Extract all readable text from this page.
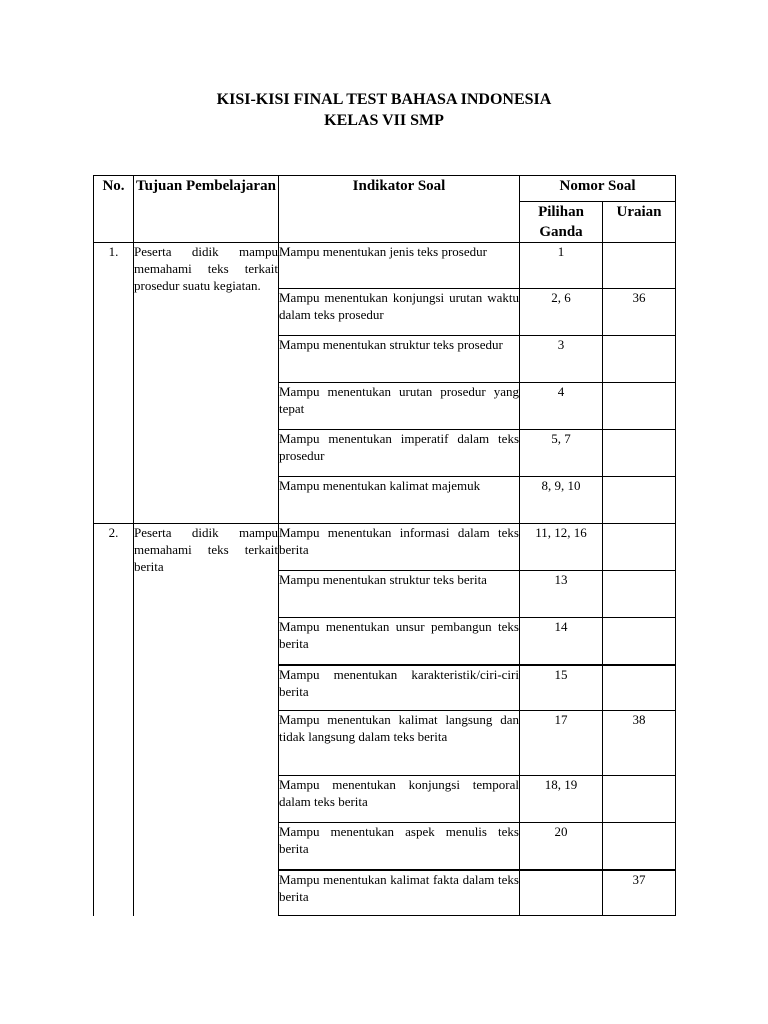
KISI-KISI FINAL TEST BAHASA INDONESIA
KELAS VII SMP
No.	Tujuan Pembelajaran	Indikator Soal	Nomor Soal	
			Pilihan Ganda	Uraian
1.	Peserta didik mampu memahami teks terkait prosedur suatu kegiatan.	Mampu menentukan jenis teks prosedur	1	
		Mampu menentukan konjungsi urutan waktu dalam teks prosedur	2, 6	36
		Mampu menentukan struktur teks prosedur	3	
		Mampu menentukan urutan prosedur yang tepat	4	
		Mampu menentukan imperatif dalam teks prosedur	5, 7	
		Mampu menentukan kalimat majemuk	8, 9, 10	
2.	Peserta didik mampu memahami teks terkait berita	Mampu menentukan informasi dalam teks berita	11, 12, 16	
		Mampu menentukan struktur teks berita	13	
		Mampu menentukan unsur pembangun teks berita	14	
		Mampu menentukan karakteristik/ciri-ciri berita	15	
		Mampu menentukan kalimat langsung dan tidak langsung dalam teks berita	17	38
		Mampu menentukan konjungsi temporal dalam teks berita	18, 19	
		Mampu menentukan aspek menulis teks berita	20	
		Mampu menentukan kalimat fakta dalam teks berita		37
